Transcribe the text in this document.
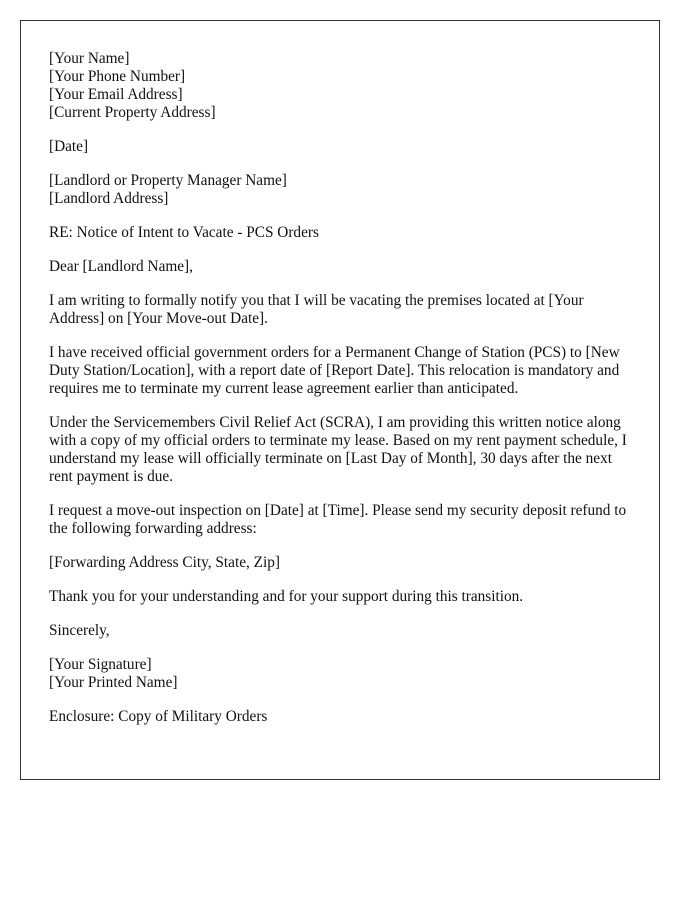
[Your Name]
[Your Phone Number]
[Your Email Address]
[Current Property Address]
[Date]
[Landlord or Property Manager Name]
[Landlord Address]
RE: Notice of Intent to Vacate - PCS Orders
Dear [Landlord Name],

I am writing to formally notify you that I will be vacating the premises located at [Your Address] on [Your Move-out Date].

I have received official government orders for a Permanent Change of Station (PCS) to [New Duty Station/Location], with a report date of [Report Date]. This relocation is mandatory and requires me to terminate my current lease agreement earlier than anticipated.

Under the Servicemembers Civil Relief Act (SCRA), I am providing this written notice along with a copy of my official orders to terminate my lease. Based on my rent payment schedule, I understand my lease will officially terminate on [Last Day of Month], 30 days after the next rent payment is due.

I request a move-out inspection on [Date] at [Time]. Please send my security deposit refund to the following forwarding address:

[Forwarding Address City, State, Zip]
Thank you for your understanding and for your support during this transition.
Sincerely,
[Your Signature]
[Your Printed Name]
Enclosure: Copy of Military Orders
